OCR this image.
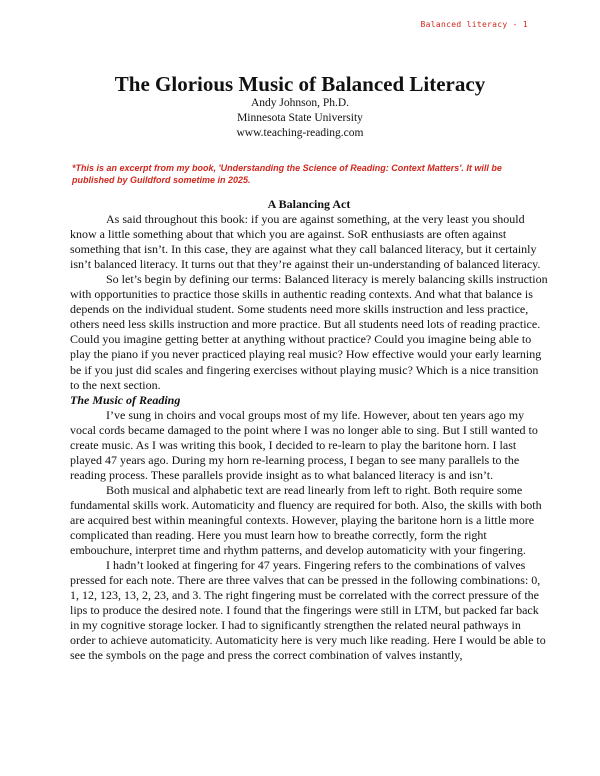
Balanced literacy - 1
The Glorious Music of Balanced Literacy
Andy Johnson, Ph.D.
Minnesota State University
www.teaching-reading.com
*This is an excerpt from my book, 'Understanding the Science of Reading: Context Matters'. It will be published by Guildford sometime in 2025.

A Balancing Act

As said throughout this book: if you are against something, at the very least you should know a little something about that which you are against. SoR enthusiasts are often against something that isn’t. In this case, they are against what they call balanced literacy, but it certainly isn’t balanced literacy. It turns out that they’re against their un-understanding of balanced literacy.

So let’s begin by defining our terms: Balanced literacy is merely balancing skills instruction with opportunities to practice those skills in authentic reading contexts. And what that balance is depends on the individual student. Some students need more skills instruction and less practice, others need less skills instruction and more practice. But all students need lots of reading practice. Could you imagine getting better at anything without practice? Could you imagine being able to play the piano if you never practiced playing real music? How effective would your early learning be if you just did scales and fingering exercises without playing music? Which is a nice transition to the next section.

The Music of Reading

I’ve sung in choirs and vocal groups most of my life. However, about ten years ago my vocal cords became damaged to the point where I was no longer able to sing. But I still wanted to create music. As I was writing this book, I decided to re-learn to play the baritone horn. I last played 47 years ago. During my horn re-learning process, I began to see many parallels to the reading process. These parallels provide insight as to what balanced literacy is and isn’t.

Both musical and alphabetic text are read linearly from left to right. Both require some fundamental skills work. Automaticity and fluency are required for both. Also, the skills with both are acquired best within meaningful contexts. However, playing the baritone horn is a little more complicated than reading. Here you must learn how to breathe correctly, form the right embouchure, interpret time and rhythm patterns, and develop automaticity with your fingering.

I hadn’t looked at fingering for 47 years. Fingering refers to the combinations of valves pressed for each note. There are three valves that can be pressed in the following combinations: 0, 1, 12, 123, 13, 2, 23, and 3. The right fingering must be correlated with the correct pressure of the lips to produce the desired note. I found that the fingerings were still in LTM, but packed far back in my cognitive storage locker. I had to significantly strengthen the related neural pathways in order to achieve automaticity. Automaticity here is very much like reading. Here I would be able to see the symbols on the page and press the correct combination of valves instantly,
